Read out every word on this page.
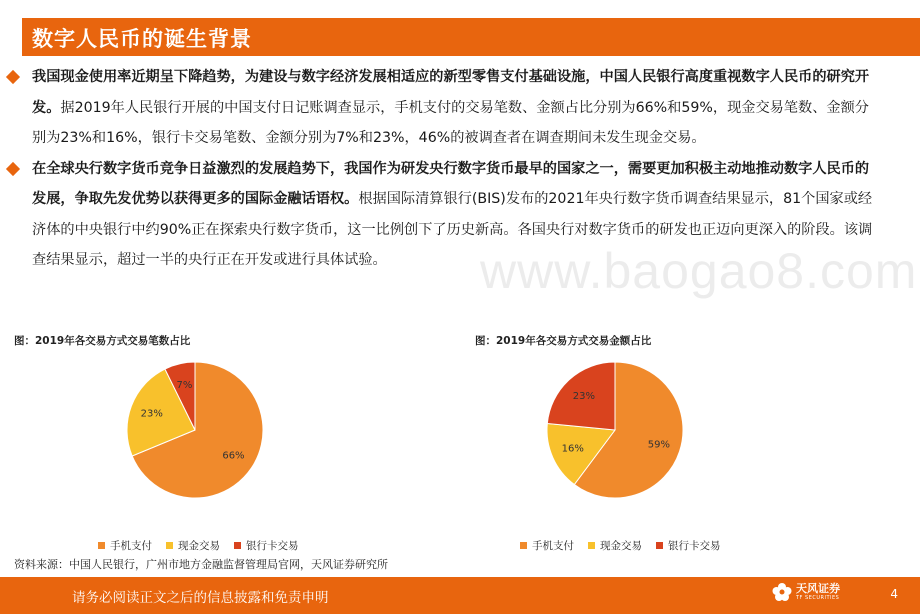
数字人民币的诞生背景
www.baogao8.com
我国现金使用率近期呈下降趋势，为建设与数字经济发展相适应的新型零售支付基础设施，中国人民银行高度重视数字人民币的研究开发。据2019年人民银行开展的中国支付日记账调查显示，手机支付的交易笔数、金额占比分别为66%和59%，现金交易笔数、金额分别为23%和16%，银行卡交易笔数、金额分别为7%和23%，46%的被调查者在调查期间未发生现金交易。
在全球央行数字货币竞争日益激烈的发展趋势下，我国作为研发央行数字货币最早的国家之一，需要更加积极主动地推动数字人民币的发展，争取先发优势以获得更多的国际金融话语权。根据国际清算银行(BIS)发布的2021年央行数字货币调查结果显示，81个国家或经济体的中央银行中约90%正在探索央行数字货币，这一比例创下了历史新高。各国央行对数字货币的研发也正迈向更深入的阶段。该调查结果显示，超过一半的央行正在开发或进行具体试验。
图：2019年各交易方式交易笔数占比
66%
23%
7%
手机支付 现金交易 银行卡交易
图：2019年各交易方式交易金额占比
59%
16%
23%
手机支付 现金交易 银行卡交易
资料来源：中国人民银行，广州市地方金融监督管理局官网，天风证券研究所
请务必阅读正文之后的信息披露和免责申明
天风证券
TF SECURITIES	4
